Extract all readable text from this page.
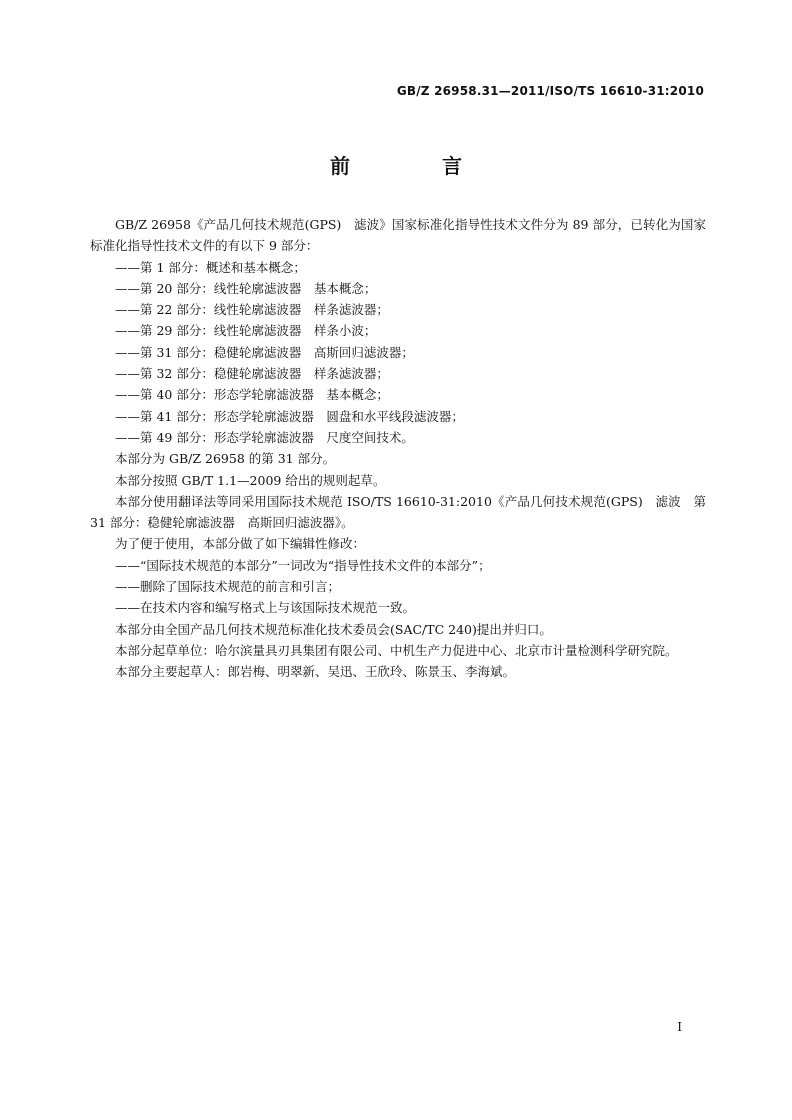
GB/Z 26958.31—2011/ISO/TS 16610-31:2010
前　言

GB/Z 26958《产品几何技术规范(GPS)　滤波》国家标准化指导性技术文件分为 89 部分，已转化为国家标准化指导性技术文件的有以下 9 部分：

——第 1 部分：概述和基本概念；

——第 20 部分：线性轮廓滤波器　基本概念；

——第 22 部分：线性轮廓滤波器　样条滤波器；

——第 29 部分：线性轮廓滤波器　样条小波；

——第 31 部分：稳健轮廓滤波器　高斯回归滤波器；

——第 32 部分：稳健轮廓滤波器　样条滤波器；

——第 40 部分：形态学轮廓滤波器　基本概念；

——第 41 部分：形态学轮廓滤波器　圆盘和水平线段滤波器；

——第 49 部分：形态学轮廓滤波器　尺度空间技术。

本部分为 GB/Z 26958 的第 31 部分。

本部分按照 GB/T 1.1—2009 给出的规则起草。

本部分使用翻译法等同采用国际技术规范 ISO/TS 16610-31:2010《产品几何技术规范(GPS)　滤波　第 31 部分：稳健轮廓滤波器　高斯回归滤波器》。

为了便于使用，本部分做了如下编辑性修改：

——“国际技术规范的本部分”一词改为“指导性技术文件的本部分”；

——删除了国际技术规范的前言和引言；

——在技术内容和编写格式上与该国际技术规范一致。

本部分由全国产品几何技术规范标准化技术委员会(SAC/TC 240)提出并归口。

本部分起草单位：哈尔滨量具刃具集团有限公司、中机生产力促进中心、北京市计量检测科学研究院。

本部分主要起草人：郎岩梅、明翠新、吴迅、王欣玲、陈景玉、李海斌。

I
